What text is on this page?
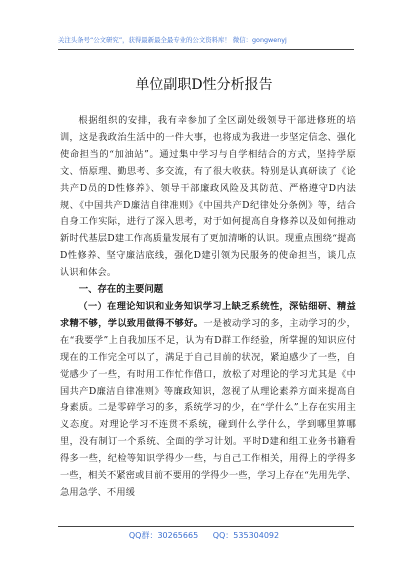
关注头条号“公文研究”，获得最新最全最专业的公文资料库！ 微信：gongwenyj
单位副职D性分析报告

根据组织的安排，我有幸参加了全区副处级领导干部进修班的培训，这是我政治生活中的一件大事，也将成为我进一步坚定信念、强化使命担当的“加油站”。通过集中学习与自学相结合的方式，坚持学原文、悟原理、勤思考、多交流，有了很大收获。特别是认真研读了《论共产D员的D性修养》、领导干部廉政风险及其防范、严格遵守D内法规、《中国共产D廉洁自律准则》《中国共产D纪律处分条例》等，结合自身工作实际，进行了深入思考，对于如何提高自身修养以及如何推动新时代基层D建工作高质量发展有了更加清晰的认识。现重点围绕“提高D性修养、坚守廉洁底线，强化D建引领为民服务的使命担当，谈几点认识和体会。

一、存在的主要问题

（一）在理论知识和业务知识学习上缺乏系统性，深钻细研、精益求精不够，学以致用做得不够好。一是被动学习的多，主动学习的少，在“我要学”上自我加压不足，认为有D群工作经验，所掌握的知识应付现在的工作完全可以了，满足于自己目前的状况，紧迫感少了一些，自觉感少了一些，有时用工作忙作借口，放松了对理论的学习尤其是《中国共产D廉洁自律准则》等廉政知识，忽视了从理论素养方面来提高自身素质。二是零碎学习的多，系统学习的少，在“学什么”上存在实用主义态度。对理论学习不连贯不系统，碰到什么学什么，学到哪里算哪里，没有制订一个系统、全面的学习计划。平时D建和组工业务书籍看得多一些，纪检等知识学得少一些，与自己工作相关，用得上的学得多一些，相关不紧密或目前不要用的学得少一些，学习上存在“先用先学、急用急学、不用缓

QQ群：30265665 QQ：535304092
